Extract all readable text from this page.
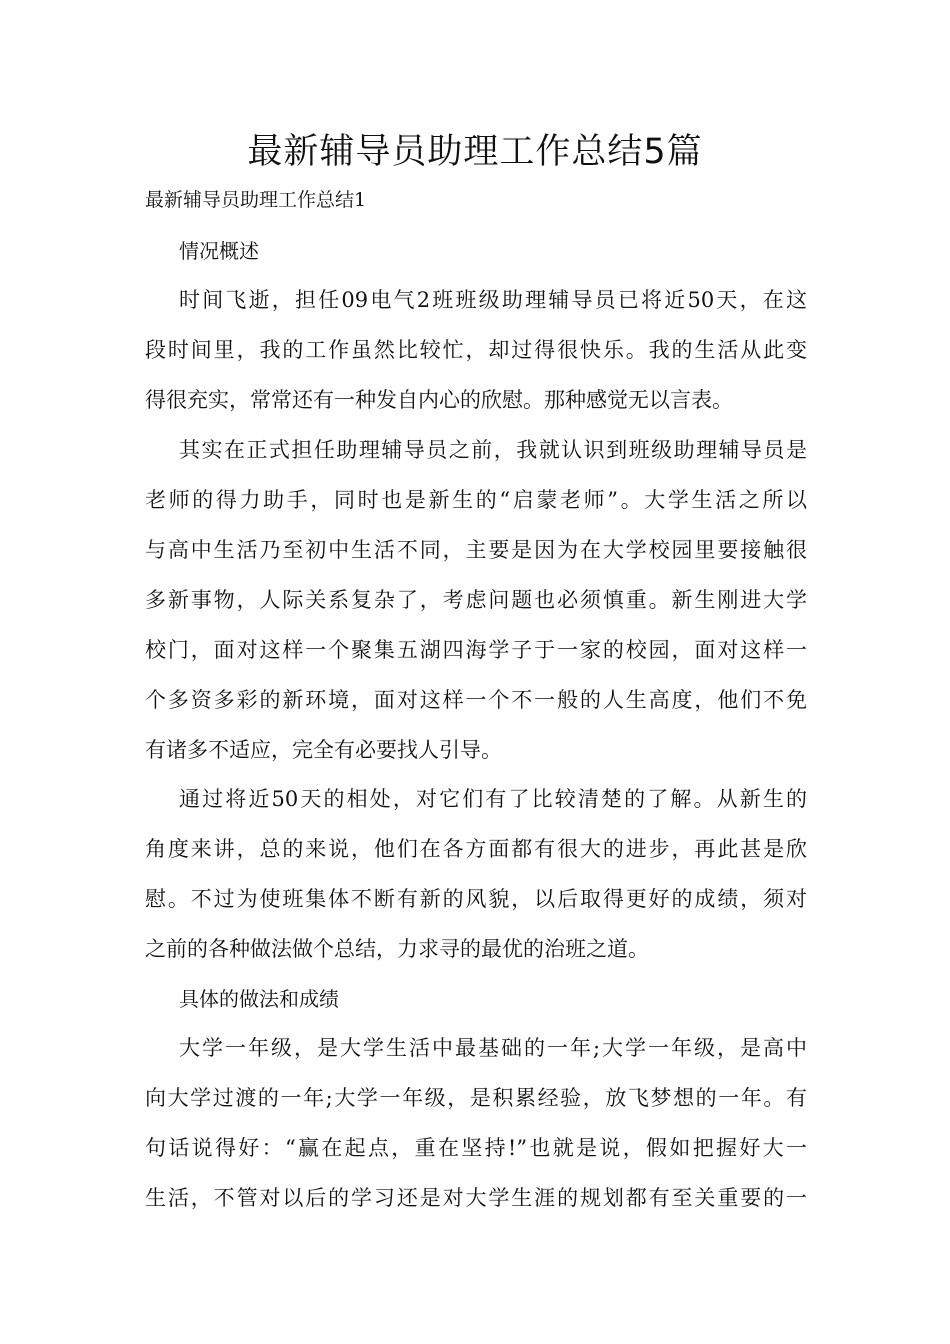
最新辅导员助理工作总结5篇

最新辅导员助理工作总结1

情况概述

时间飞逝，担任09电气2班班级助理辅导员已将近50天，在这
段时间里，我的工作虽然比较忙，却过得很快乐。我的生活从此变
得很充实，常常还有一种发自内心的欣慰。那种感觉无以言表。
其实在正式担任助理辅导员之前，我就认识到班级助理辅导员是
老师的得力助手，同时也是新生的“启蒙老师”。大学生活之所以
与高中生活乃至初中生活不同，主要是因为在大学校园里要接触很
多新事物，人际关系复杂了，考虑问题也必须慎重。新生刚进大学
校门，面对这样一个聚集五湖四海学子于一家的校园，面对这样一
个多资多彩的新环境，面对这样一个不一般的人生高度，他们不免
有诸多不适应，完全有必要找人引导。
通过将近50天的相处，对它们有了比较清楚的了解。从新生的
角度来讲，总的来说，他们在各方面都有很大的进步，再此甚是欣
慰。不过为使班集体不断有新的风貌，以后取得更好的成绩，须对
之前的各种做法做个总结，力求寻的最优的治班之道。

具体的做法和成绩

大学一年级，是大学生活中最基础的一年;大学一年级，是高中
向大学过渡的一年;大学一年级，是积累经验，放飞梦想的一年。有
句话说得好：“赢在起点，重在坚持!”也就是说，假如把握好大一
生活，不管对以后的学习还是对大学生涯的规划都有至关重要的一
